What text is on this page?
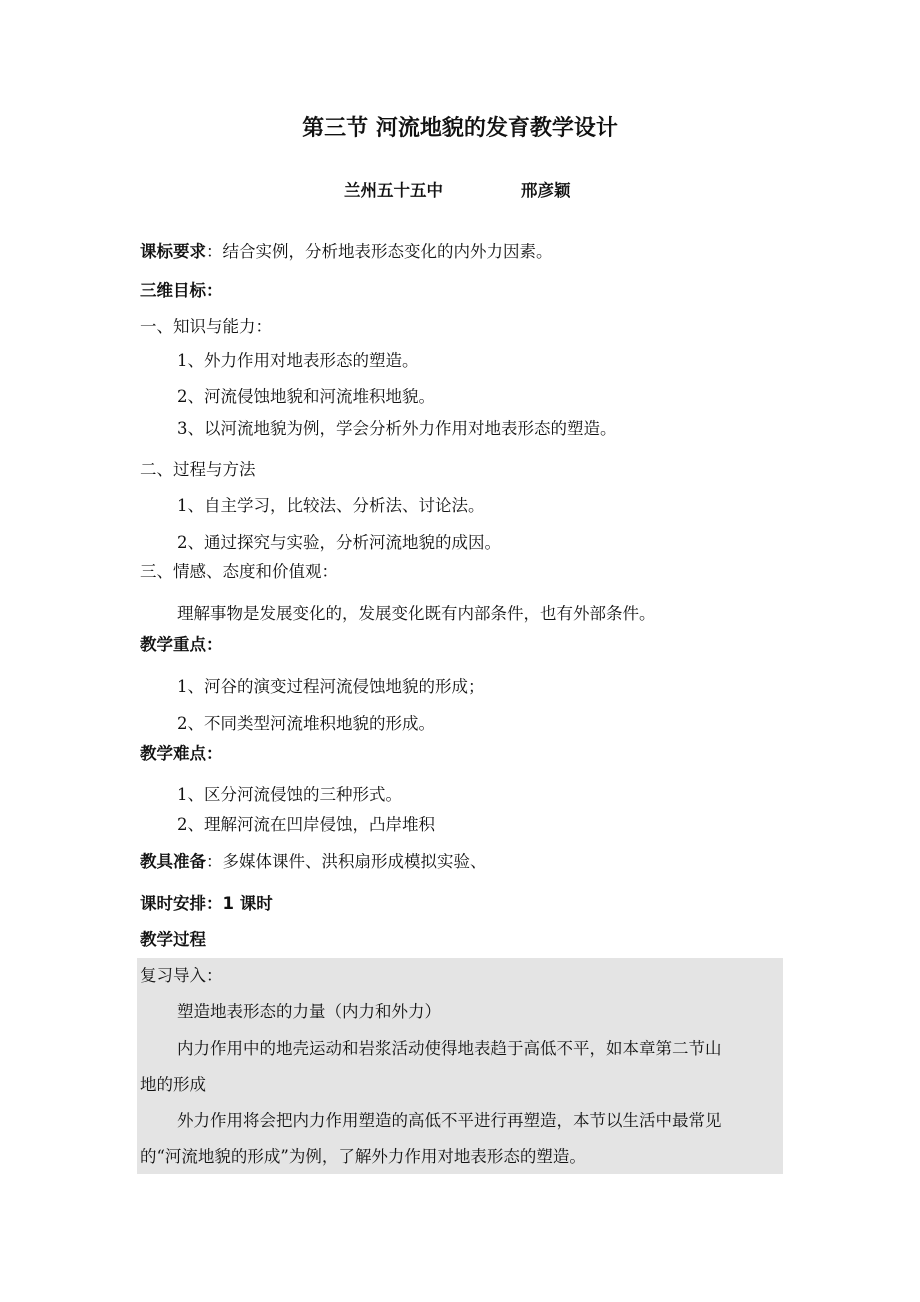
第三节 河流地貌的发育教学设计
兰州五十五中	邢彦颖
课标要求：结合实例，分析地表形态变化的内外力因素。
三维目标：
一、知识与能力：
1、外力作用对地表形态的塑造。
2、河流侵蚀地貌和河流堆积地貌。
3、以河流地貌为例，学会分析外力作用对地表形态的塑造。
二、过程与方法
1、自主学习，比较法、分析法、讨论法。
2、通过探究与实验，分析河流地貌的成因。
三、情感、态度和价值观：
理解事物是发展变化的，发展变化既有内部条件，也有外部条件。
教学重点：
1、河谷的演变过程河流侵蚀地貌的形成；
2、不同类型河流堆积地貌的形成。
教学难点：
1、区分河流侵蚀的三种形式。
2、理解河流在凹岸侵蚀，凸岸堆积
教具准备：多媒体课件、洪积扇形成模拟实验、
课时安排：1 课时
教学过程
复习导入：
塑造地表形态的力量（内力和外力）
内力作用中的地壳运动和岩浆活动使得地表趋于高低不平，如本章第二节山
地的形成
外力作用将会把内力作用塑造的高低不平进行再塑造，本节以生活中最常见
的“河流地貌的形成”为例，了解外力作用对地表形态的塑造。
